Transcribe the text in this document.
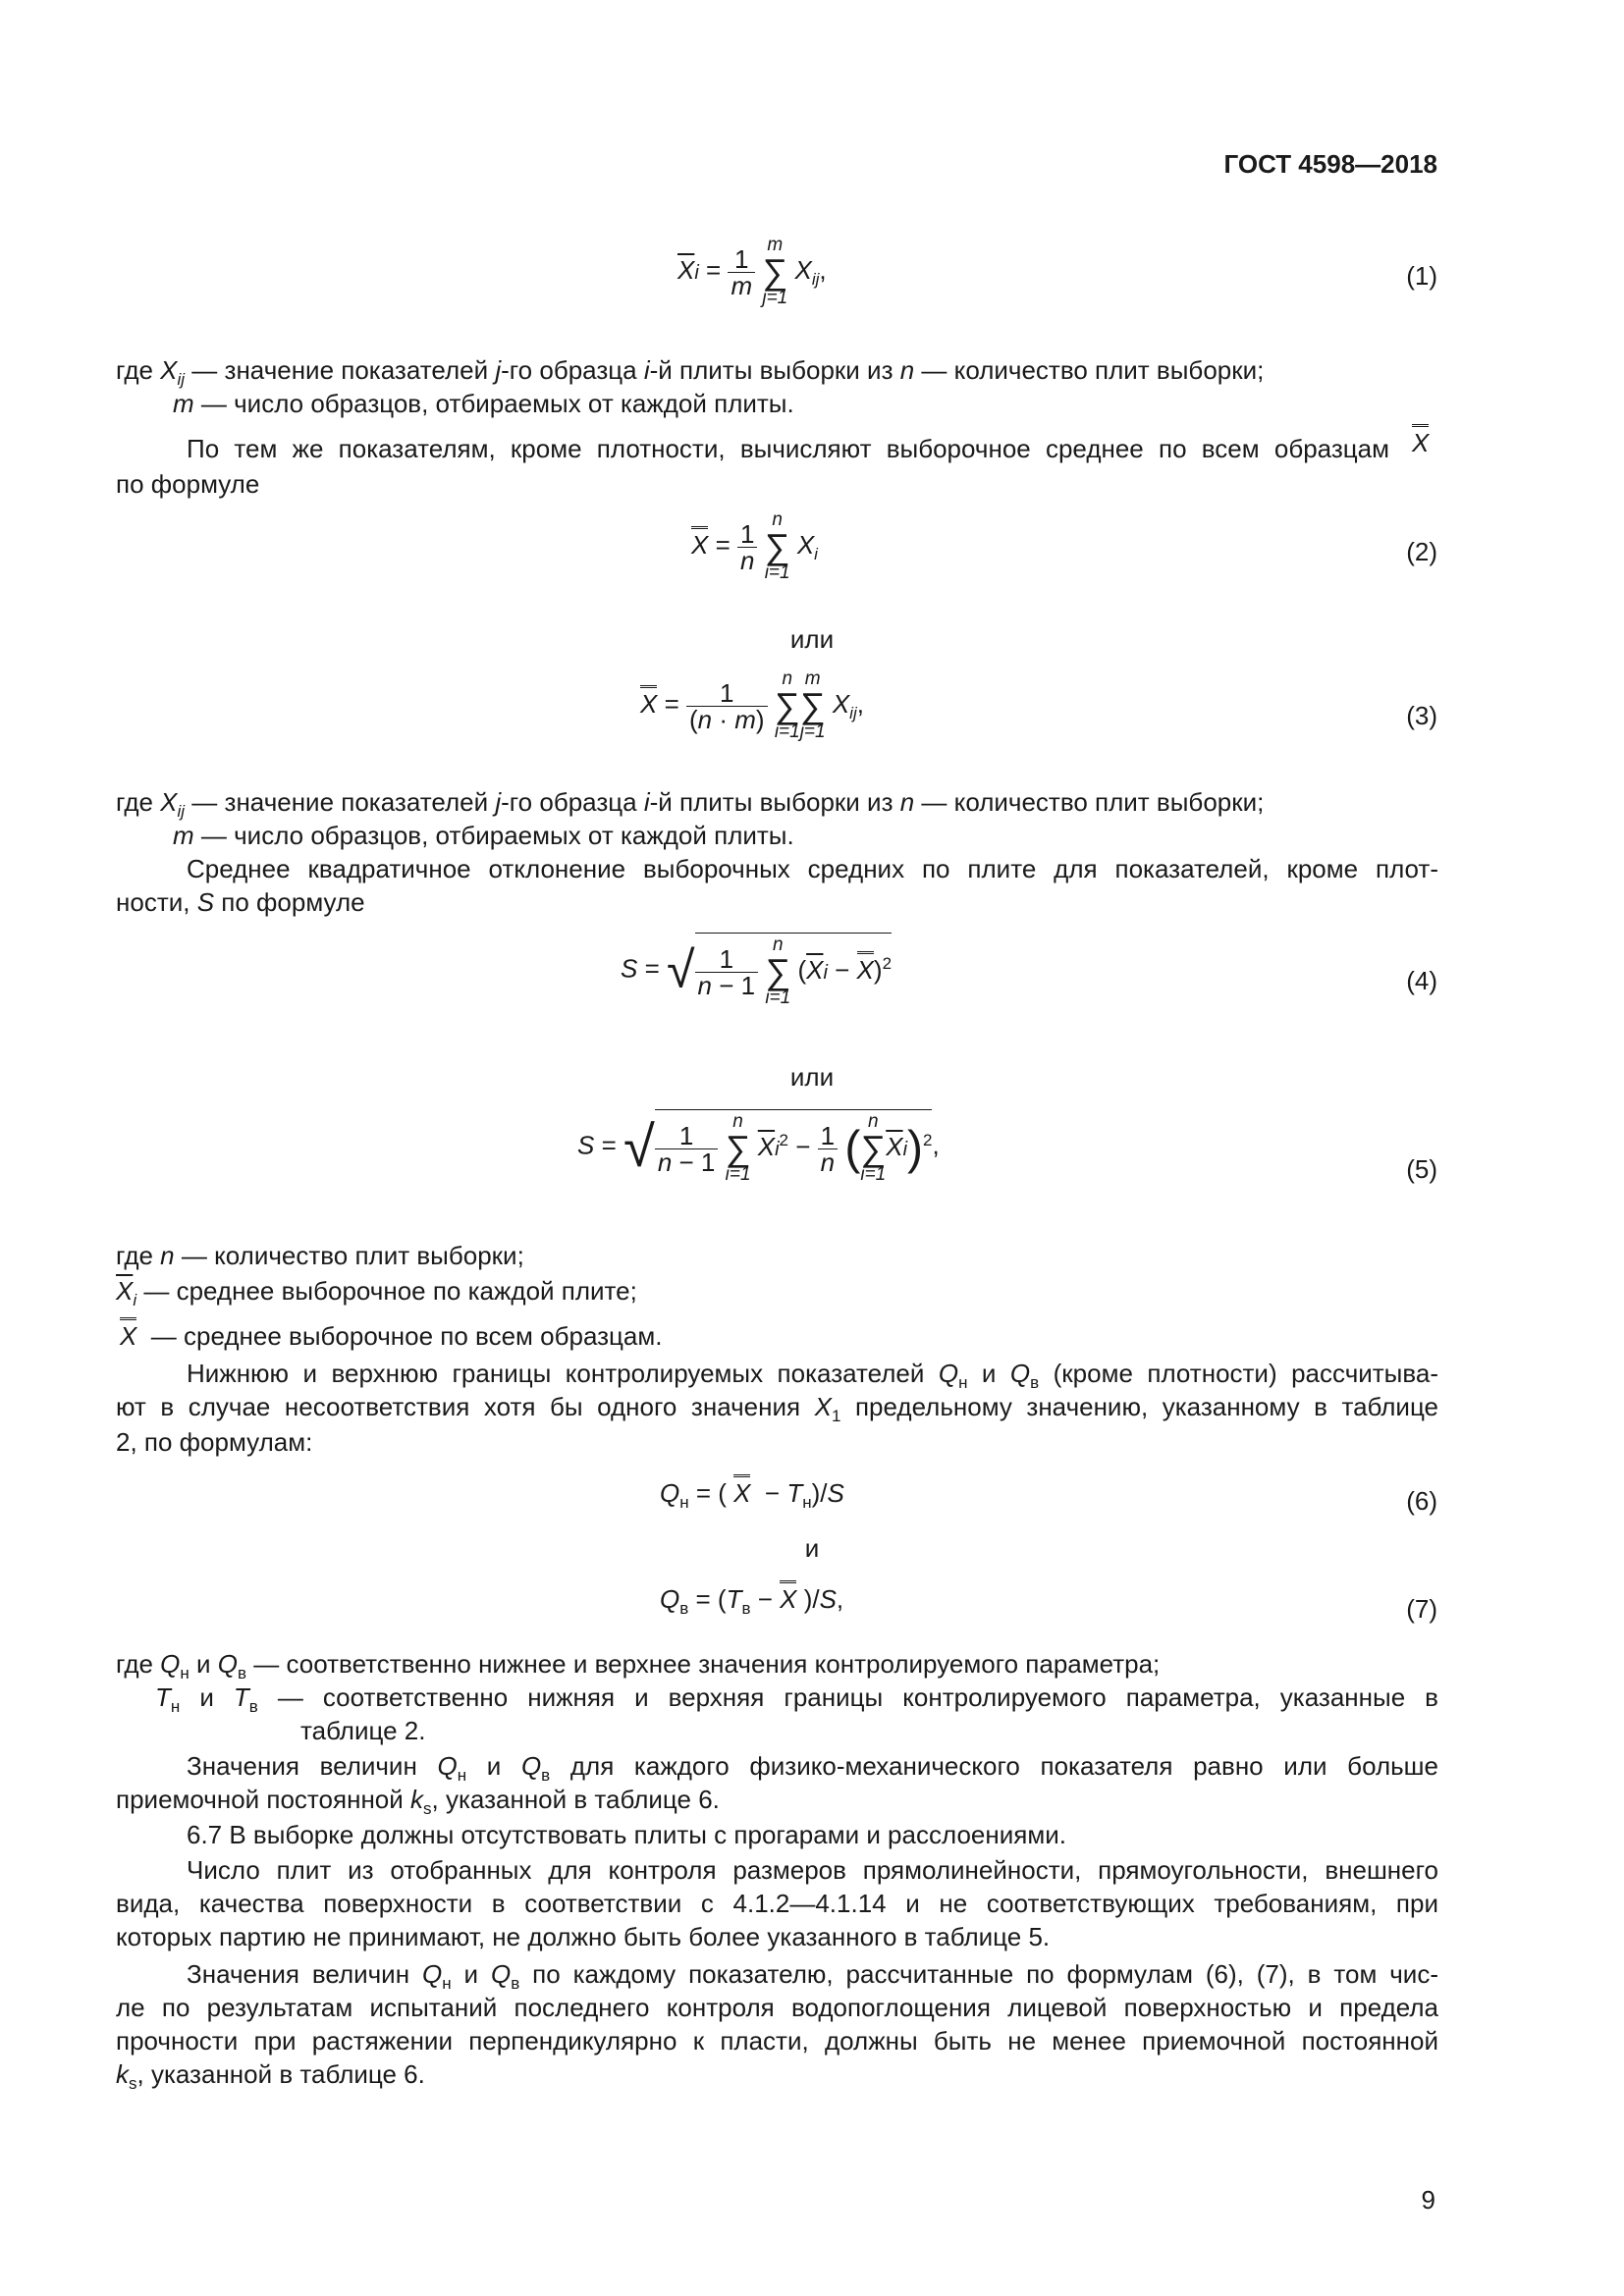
ГОСТ 4598—2018
$\overline{X}i = \frac{1}{m}$

m
∑
j=1
$X_{ij}$,	(1)
где $X_{ij}$ — значение показателей j-го образца i-й плиты выборки из n — количество плит выборки;
m — число образцов, отбираемых от каждой плиты.
По тем же показателям, кроме плотности, вычисляют выборочное среднее по всем образцам X
по формуле
$X = \frac{1}{n}$

n
∑
i=1
$X_i$	(2)
или
$X = \frac{1}{(n \cdot m)}$

n
∑
i=1
m
∑
j=1
$X_{ij}$,	(3)
где $X_{ij}$ — значение показателей j-го образца i-й плиты выборки из n — количество плит выборки;
m — число образцов, отбираемых от каждой плиты.
Среднее квадратичное отклонение выборочных средних по плите для показателей, кроме плот-
ности, S по формуле
S = √ $\frac{1}{n - 1}$

n
∑
i=1
$(\overline{X}i - X)^2$
(4)
или
S = √ $\frac{1}{n - 1}$

n
∑
i=1
$\overline{X}i^2 - \frac{1}{n}$ (
n
∑
i=1
$\overline{X}i)^2$,
(5)
где n — количество плит выборки;
$\overline{X}_i$ — среднее выборочное по каждой плите;
X  — среднее выборочное по всем образцам.
Нижнюю и верхнюю границы контролируемых показателей $Q_н$ и $Q_в$ (кроме плотности) рассчитыва-
ют в случае несоответствия хотя бы одного значения $X_1$ предельному значению, указанному в таблице
2, по формулам:
$Q_н$ = ( $X - T_н)/S$	(6)
и
$Q_в = (T_в - X$ )/S,	(7)
где $Q_н$ и $Q_в$ — соответственно нижнее и верхнее значения контролируемого параметра;
$T_н$ и $T_в$ — соответственно нижняя и верхняя границы контролируемого параметра, указанные в
таблице 2.
Значения величин $Q_н$ и $Q_в$ для каждого физико-механического показателя равно или больше
приемочной постоянной $k_s$, указанной в таблице 6.
6.7 В выборке должны отсутствовать плиты с прогарами и расслоениями.
Число плит из отобранных для контроля размеров прямолинейности, прямоугольности, внешнего
вида, качества поверхности в соответствии с 4.1.2—4.1.14 и не соответствующих требованиям, при
которых партию не принимают, не должно быть более указанного в таблице 5.
Значения величин $Q_н$ и $Q_в$ по каждому показателю, рассчитанные по формулам (6), (7), в том чис-
ле по результатам испытаний последнего контроля водопоглощения лицевой поверхностью и предела
прочности при растяжении перпендикулярно к пласти, должны быть не менее приемочной постоянной
$k_s$, указанной в таблице 6.
9
